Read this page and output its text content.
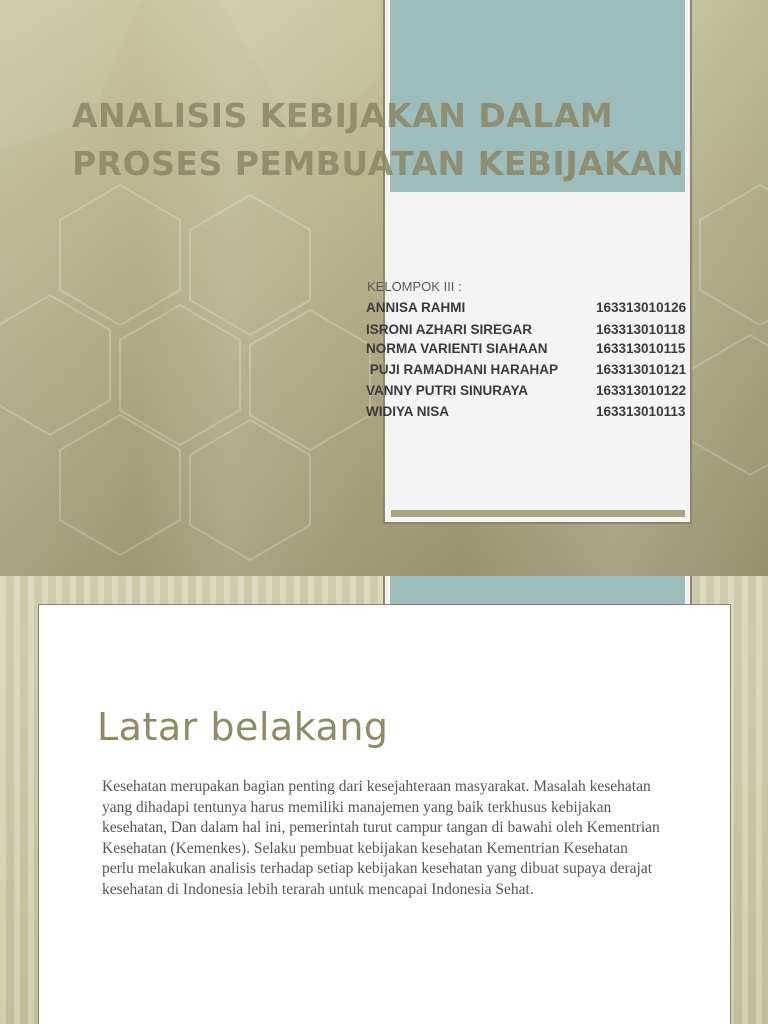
ANALISIS KEBIJAKAN DALAM
PROSES PEMBUATAN KEBIJAKAN
KELOMPOK III :
ANNISA RAHMI	163313010126
ISRONI AZHARI SIREGAR	163313010118
NORMA VARIENTI SIAHAAN	163313010115
PUJI RAMADHANI HARAHAP	163313010121
VANNY PUTRI SINURAYA	163313010122
WIDIYA NISA	163313010113
Latar belakang

Kesehatan merupakan bagian penting dari kesejahteraan masyarakat. Masalah kesehatan yang dihadapi tentunya harus memiliki manajemen yang baik terkhusus kebijakan kesehatan, Dan dalam hal ini, pemerintah turut campur tangan di bawahi oleh Kementrian Kesehatan (Kemenkes). Selaku pembuat kebijakan kesehatan Kementrian Kesehatan perlu melakukan analisis terhadap setiap kebijakan kesehatan yang dibuat supaya derajat kesehatan di Indonesia lebih terarah untuk mencapai Indonesia Sehat.
